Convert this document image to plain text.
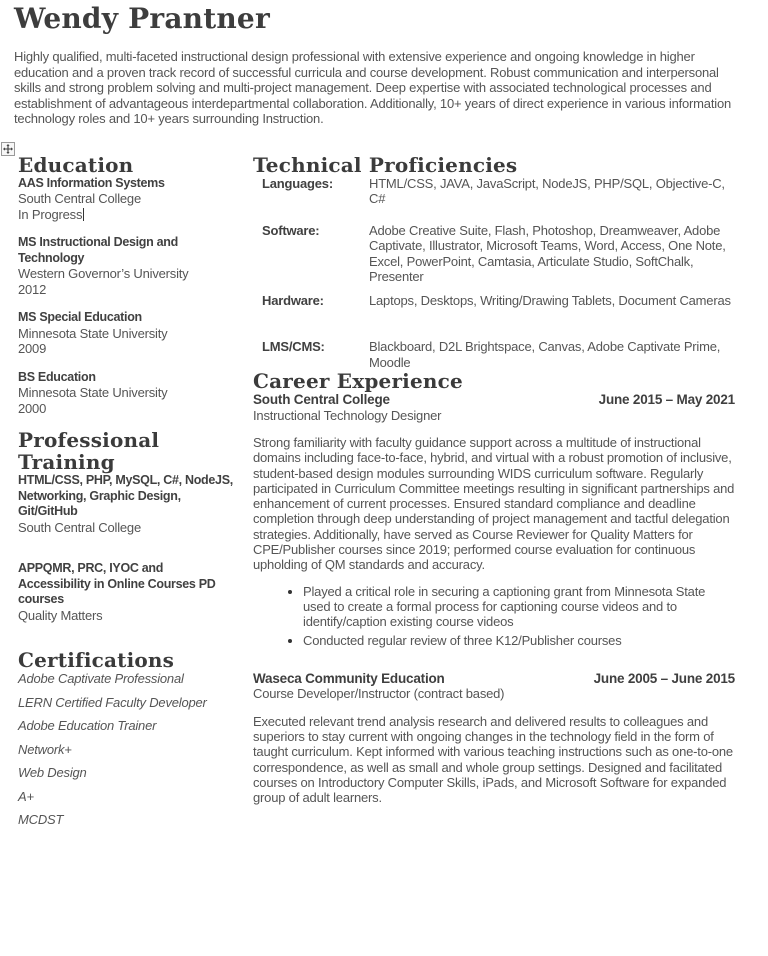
Wendy Prantner

Highly qualified, multi-faceted instructional design professional with extensive experience and ongoing knowledge in higher education and a proven track record of successful curricula and course development. Robust communication and interpersonal skills and strong problem solving and multi-project management. Deep expertise with associated technological processes and establishment of advantageous interdepartmental collaboration. Additionally, 10+ years of direct experience in various information technology roles and 10+ years surrounding Instruction.

Education
AAS Information Systems
South Central College
In Progress
MS Instructional Design and Technology
Western Governor’s University
2012
MS Special Education
Minnesota State University
2009
BS Education
Minnesota State University
2000
Professional Training
HTML/CSS, PHP, MySQL, C#, NodeJS, Networking, Graphic Design, Git/GitHub
South Central College
APPQMR, PRC, IYOC and Accessibility in Online Courses PD courses
Quality Matters
Certifications
Adobe Captivate Professional
LERN Certified Faculty Developer
Adobe Education Trainer
Network+
Web Design
A+
MCDST
Technical Proficiencies
Languages:	HTML/CSS, JAVA, JavaScript, NodeJS, PHP/SQL, Objective-C, C#
Software:	Adobe Creative Suite, Flash, Photoshop, Dreamweaver, Adobe Captivate, Illustrator, Microsoft Teams, Word, Access, One Note, Excel, PowerPoint, Camtasia, Articulate Studio, SoftChalk, Presenter
Hardware:	Laptops, Desktops, Writing/Drawing Tablets, Document Cameras
LMS/CMS:	Blackboard, D2L Brightspace, Canvas, Adobe Captivate Prime, Moodle
Career Experience
South Central College	June 2015 – May 2021
Instructional Technology Designer

Strong familiarity with faculty guidance support across a multitude of instructional domains including face-to-face, hybrid, and virtual with a robust promotion of inclusive, student-based design modules surrounding WIDS curriculum software. Regularly participated in Curriculum Committee meetings resulting in significant partnerships and enhancement of current processes. Ensured standard compliance and deadline completion through deep understanding of project management and tactful delegation strategies. Additionally, have served as Course Reviewer for Quality Matters for CPE/Publisher courses since 2019; performed course evaluation for continuous upholding of QM standards and accuracy.

• Played a critical role in securing a captioning grant from Minnesota State used to create a formal process for captioning course videos and to identify/caption existing course videos
• Conducted regular review of three K12/Publisher courses
Waseca Community Education	June 2005 – June 2015
Course Developer/Instructor (contract based)

Executed relevant trend analysis research and delivered results to colleagues and superiors to stay current with ongoing changes in the technology field in the form of taught curriculum. Kept informed with various teaching instructions such as one-to-one correspondence, as well as small and whole group settings. Designed and facilitated courses on Introductory Computer Skills, iPads, and Microsoft Software for expanded group of adult learners.
